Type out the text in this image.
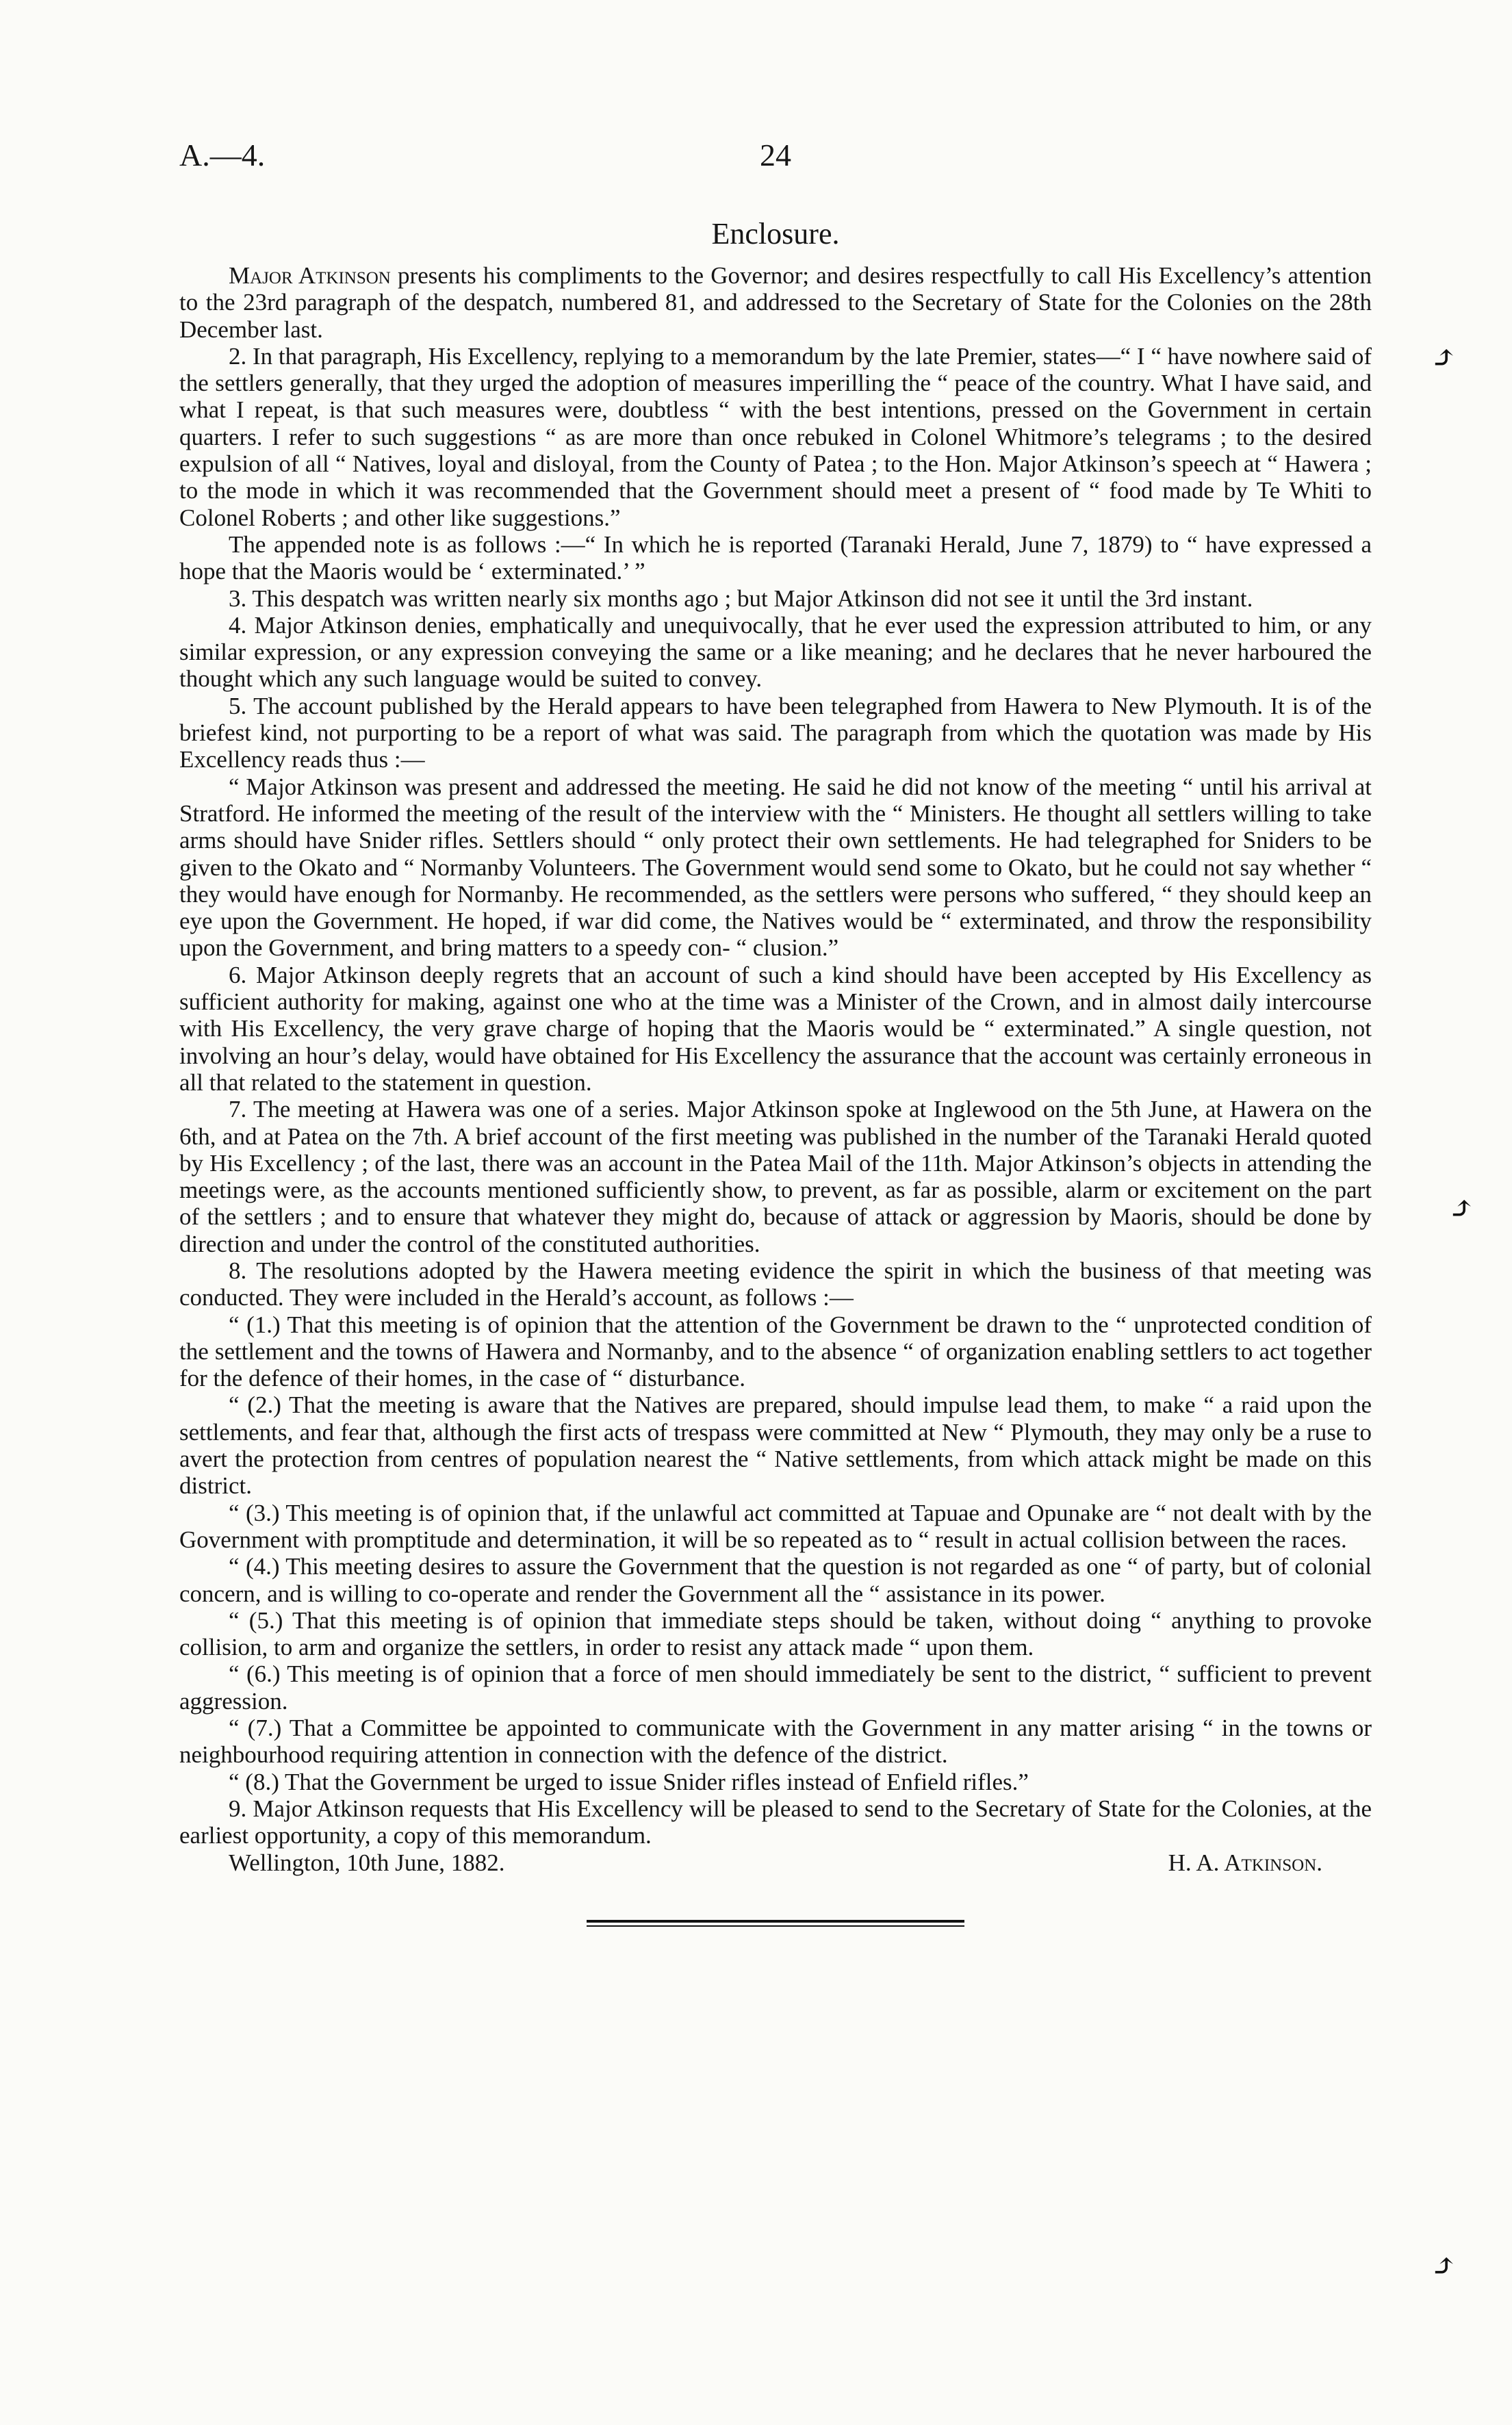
A.—4.	24
Enclosure.

Major Atkinson presents his compliments to the Governor; and desires respectfully to call His Excellency’s attention to the 23rd paragraph of the despatch, numbered 81, and addressed to the Secretary of State for the Colonies on the 28th December last.

2. In that paragraph, His Excellency, replying to a memorandum by the late Premier, states—“ I “ have nowhere said of the settlers generally, that they urged the adoption of measures imperilling the “ peace of the country. What I have said, and what I repeat, is that such measures were, doubtless “ with the best intentions, pressed on the Government in certain quarters. I refer to such suggestions “ as are more than once rebuked in Colonel Whitmore’s telegrams ; to the desired expulsion of all “ Natives, loyal and disloyal, from the County of Patea ; to the Hon. Major Atkinson’s speech at “ Hawera ; to the mode in which it was recommended that the Government should meet a present of “ food made by Te Whiti to Colonel Roberts ; and other like suggestions.”

The appended note is as follows :—“ In which he is reported (Taranaki Herald, June 7, 1879) to “ have expressed a hope that the Maoris would be ‘ exterminated.’ ”

3. This despatch was written nearly six months ago ; but Major Atkinson did not see it until the 3rd instant.

4. Major Atkinson denies, emphatically and unequivocally, that he ever used the expression attributed to him, or any similar expression, or any expression conveying the same or a like meaning; and he declares that he never harboured the thought which any such language would be suited to convey.

5. The account published by the Herald appears to have been telegraphed from Hawera to New Plymouth. It is of the briefest kind, not purporting to be a report of what was said. The paragraph from which the quotation was made by His Excellency reads thus :—

“ Major Atkinson was present and addressed the meeting. He said he did not know of the meeting “ until his arrival at Stratford. He informed the meeting of the result of the interview with the “ Ministers. He thought all settlers willing to take arms should have Snider rifles. Settlers should “ only protect their own settlements. He had telegraphed for Sniders to be given to the Okato and “ Normanby Volunteers. The Government would send some to Okato, but he could not say whether “ they would have enough for Normanby. He recommended, as the settlers were persons who suffered, “ they should keep an eye upon the Government. He hoped, if war did come, the Natives would be “ exterminated, and throw the responsibility upon the Government, and bring matters to a speedy con- “ clusion.”

6. Major Atkinson deeply regrets that an account of such a kind should have been accepted by His Excellency as sufficient authority for making, against one who at the time was a Minister of the Crown, and in almost daily intercourse with His Excellency, the very grave charge of hoping that the Maoris would be “ exterminated.” A single question, not involving an hour’s delay, would have obtained for His Excellency the assurance that the account was certainly erroneous in all that related to the statement in question.

7. The meeting at Hawera was one of a series. Major Atkinson spoke at Inglewood on the 5th June, at Hawera on the 6th, and at Patea on the 7th. A brief account of the first meeting was published in the number of the Taranaki Herald quoted by His Excellency ; of the last, there was an account in the Patea Mail of the 11th. Major Atkinson’s objects in attending the meetings were, as the accounts mentioned sufficiently show, to prevent, as far as possible, alarm or excitement on the part of the settlers ; and to ensure that whatever they might do, because of attack or aggression by Maoris, should be done by direction and under the control of the constituted authorities.

8. The resolutions adopted by the Hawera meeting evidence the spirit in which the business of that meeting was conducted. They were included in the Herald’s account, as follows :—

“ (1.) That this meeting is of opinion that the attention of the Government be drawn to the “ unprotected condition of the settlement and the towns of Hawera and Normanby, and to the absence “ of organization enabling settlers to act together for the defence of their homes, in the case of “ disturbance.

“ (2.) That the meeting is aware that the Natives are prepared, should impulse lead them, to make “ a raid upon the settlements, and fear that, although the first acts of trespass were committed at New “ Plymouth, they may only be a ruse to avert the protection from centres of population nearest the “ Native settlements, from which attack might be made on this district.

“ (3.) This meeting is of opinion that, if the unlawful act committed at Tapuae and Opunake are “ not dealt with by the Government with promptitude and determination, it will be so repeated as to “ result in actual collision between the races.

“ (4.) This meeting desires to assure the Government that the question is not regarded as one “ of party, but of colonial concern, and is willing to co-operate and render the Government all the “ assistance in its power.

“ (5.) That this meeting is of opinion that immediate steps should be taken, without doing “ anything to provoke collision, to arm and organize the settlers, in order to resist any attack made “ upon them.

“ (6.) This meeting is of opinion that a force of men should immediately be sent to the district, “ sufficient to prevent aggression.

“ (7.) That a Committee be appointed to communicate with the Government in any matter arising “ in the towns or neighbourhood requiring attention in connection with the defence of the district.

“ (8.) That the Government be urged to issue Snider rifles instead of Enfield rifles.”

9. Major Atkinson requests that His Excellency will be pleased to send to the Secretary of State for the Colonies, at the earliest opportunity, a copy of this memorandum.

Wellington, 10th June, 1882.	H. A. Atkinson.
⤴
⤴
⤴
